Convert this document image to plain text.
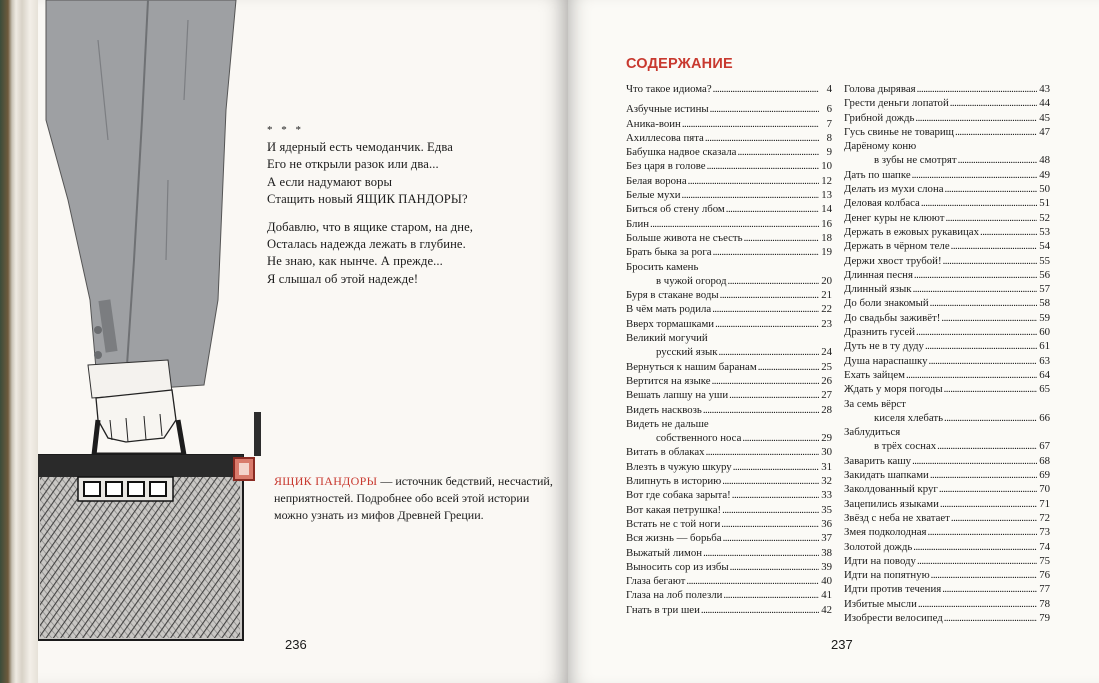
* * *
И ядерный есть чемоданчик. Едва
Его не открыли разок или два...
А если надумают воры
Стащить новый ЯЩИК ПАНДОРЫ?
Добавлю, что в ящике старом, на дне,
Осталась надежда лежать в глубине.
Не знаю, как нынче. А прежде...
Я слышал об этой надежде!
ЯЩИК ПАНДОРЫ — источник бедствий, несчастий, неприятностей. Подробнее обо всей этой истории можно узнать из мифов Древней Греции.
236
СОДЕРЖАНИЕ
Что такое идиома? . . .	4
Азбучные истины . . .	6
Аника-воин . . .	7
Ахиллесова пята . . .	8
Бабушка надвое сказала . . .	9
Без царя в голове . . .	10
Белая ворона . . .	12
Белые мухи . . .	13
Биться об стену лбом . . .	14
Блин . . .	16
Больше живота не съесть . . .	18
Брать быка за рога . . .	19
Бросить камень
в чужой огород . . .	20
Буря в стакане воды . . .	21
В чём мать родила . . .	22
Вверх тормашками . . .	23
Великий могучий
русский язык . . .	24
Вернуться к нашим баранам . . .	25
Вертится на языке . . .	26
Вешать лапшу на уши . . .	27
Видеть насквозь . . .	28
Видеть не дальше
собственного носа . . .	29
Витать в облаках . . .	30
Влезть в чужую шкуру . . .	31
Влипнуть в историю . . .	32
Вот где собака зарыта! . . .	33
Вот какая петрушка! . . .	35
Встать не с той ноги . . .	36
Вся жизнь — борьба . . .	37
Выжатый лимон . . .	38
Выносить сор из избы . . .	39
Глаза бегают . . .	40
Глаза на лоб полезли . . .	41
Гнать в три шеи . . .	42
Голова дырявая . . .	43
Грести деньги лопатой . . .	44
Грибной дождь . . .	45
Гусь свинье не товарищ . . .	47
Дарёному коню
в зубы не смотрят . . .	48
Дать по шапке . . .	49
Делать из мухи слона . . .	50
Деловая колбаса . . .	51
Денег куры не клюют . . .	52
Держать в ежовых рукавицах . . .	53
Держать в чёрном теле . . .	54
Держи хвост трубой! . . .	55
Длинная песня . . .	56
Длинный язык . . .	57
До боли знакомый . . .	58
До свадьбы заживёт! . . .	59
Дразнить гусей . . .	60
Дуть не в ту дуду . . .	61
Душа нараспашку . . .	63
Ехать зайцем . . .	64
Ждать у моря погоды . . .	65
За семь вёрст
киселя хлебать . . .	66
Заблудиться
в трёх соснах . . .	67
Заварить кашу . . .	68
Закидать шапками . . .	69
Заколдованный круг . . .	70
Зацепились языками . . .	71
Звёзд с неба не хватает . . .	72
Змея подколодная . . .	73
Золотой дождь . . .	74
Идти на поводу . . .	75
Идти на попятную . . .	76
Идти против течения . . .	77
Избитые мысли . . .	78
Изобрести велосипед . . .	79
237
